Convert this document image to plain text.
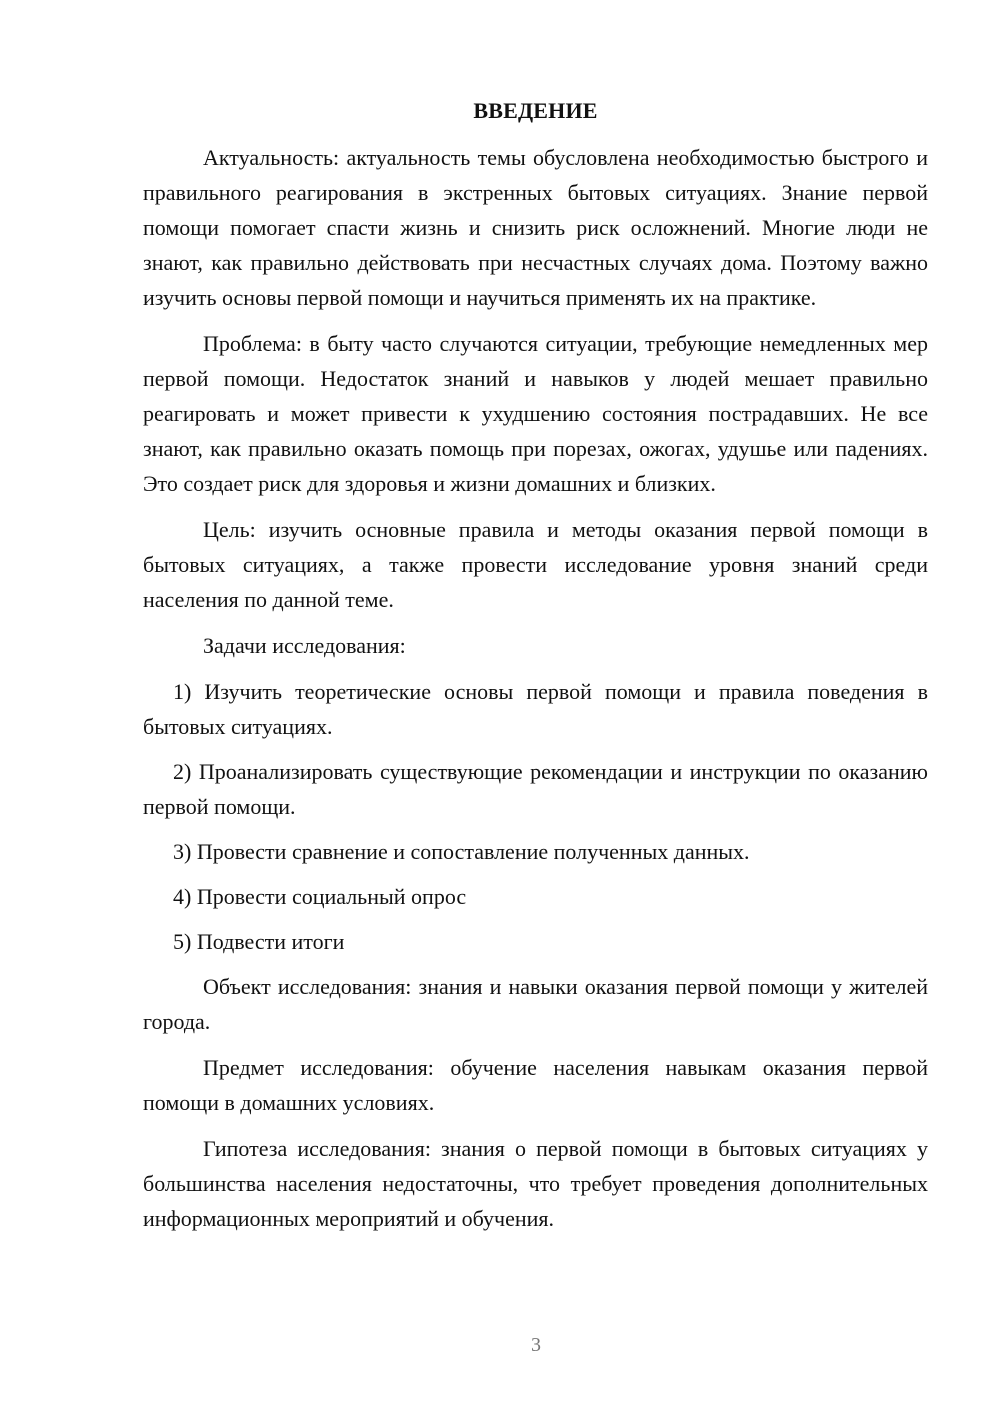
ВВЕДЕНИЕ

Актуальность: актуальность темы обусловлена необходимостью быстрого и правильного реагирования в экстренных бытовых ситуациях. Знание первой помощи помогает спасти жизнь и снизить риск осложнений. Многие люди не знают, как правильно действовать при несчастных случаях дома. Поэтому важно изучить основы первой помощи и научиться применять их на практике.

Проблема: в быту часто случаются ситуации, требующие немедленных мер первой помощи. Недостаток знаний и навыков у людей мешает правильно реагировать и может привести к ухудшению состояния пострадавших. Не все знают, как правильно оказать помощь при порезах, ожогах, удушье или падениях. Это создает риск для здоровья и жизни домашних и близких.

Цель: изучить основные правила и методы оказания первой помощи в бытовых ситуациях, а также провести исследование уровня знаний среди населения по данной теме.

Задачи исследования:

1) Изучить теоретические основы первой помощи и правила поведения в бытовых ситуациях.

2) Проанализировать существующие рекомендации и инструкции по оказанию первой помощи.

3) Провести сравнение и сопоставление полученных данных.

4) Провести социальный опрос

5) Подвести итоги

Объект исследования: знания и навыки оказания первой помощи у жителей города.

Предмет исследования: обучение населения навыкам оказания первой помощи в домашних условиях.

Гипотеза исследования: знания о первой помощи в бытовых ситуациях у большинства населения недостаточны, что требует проведения дополнительных информационных мероприятий и обучения.

3
